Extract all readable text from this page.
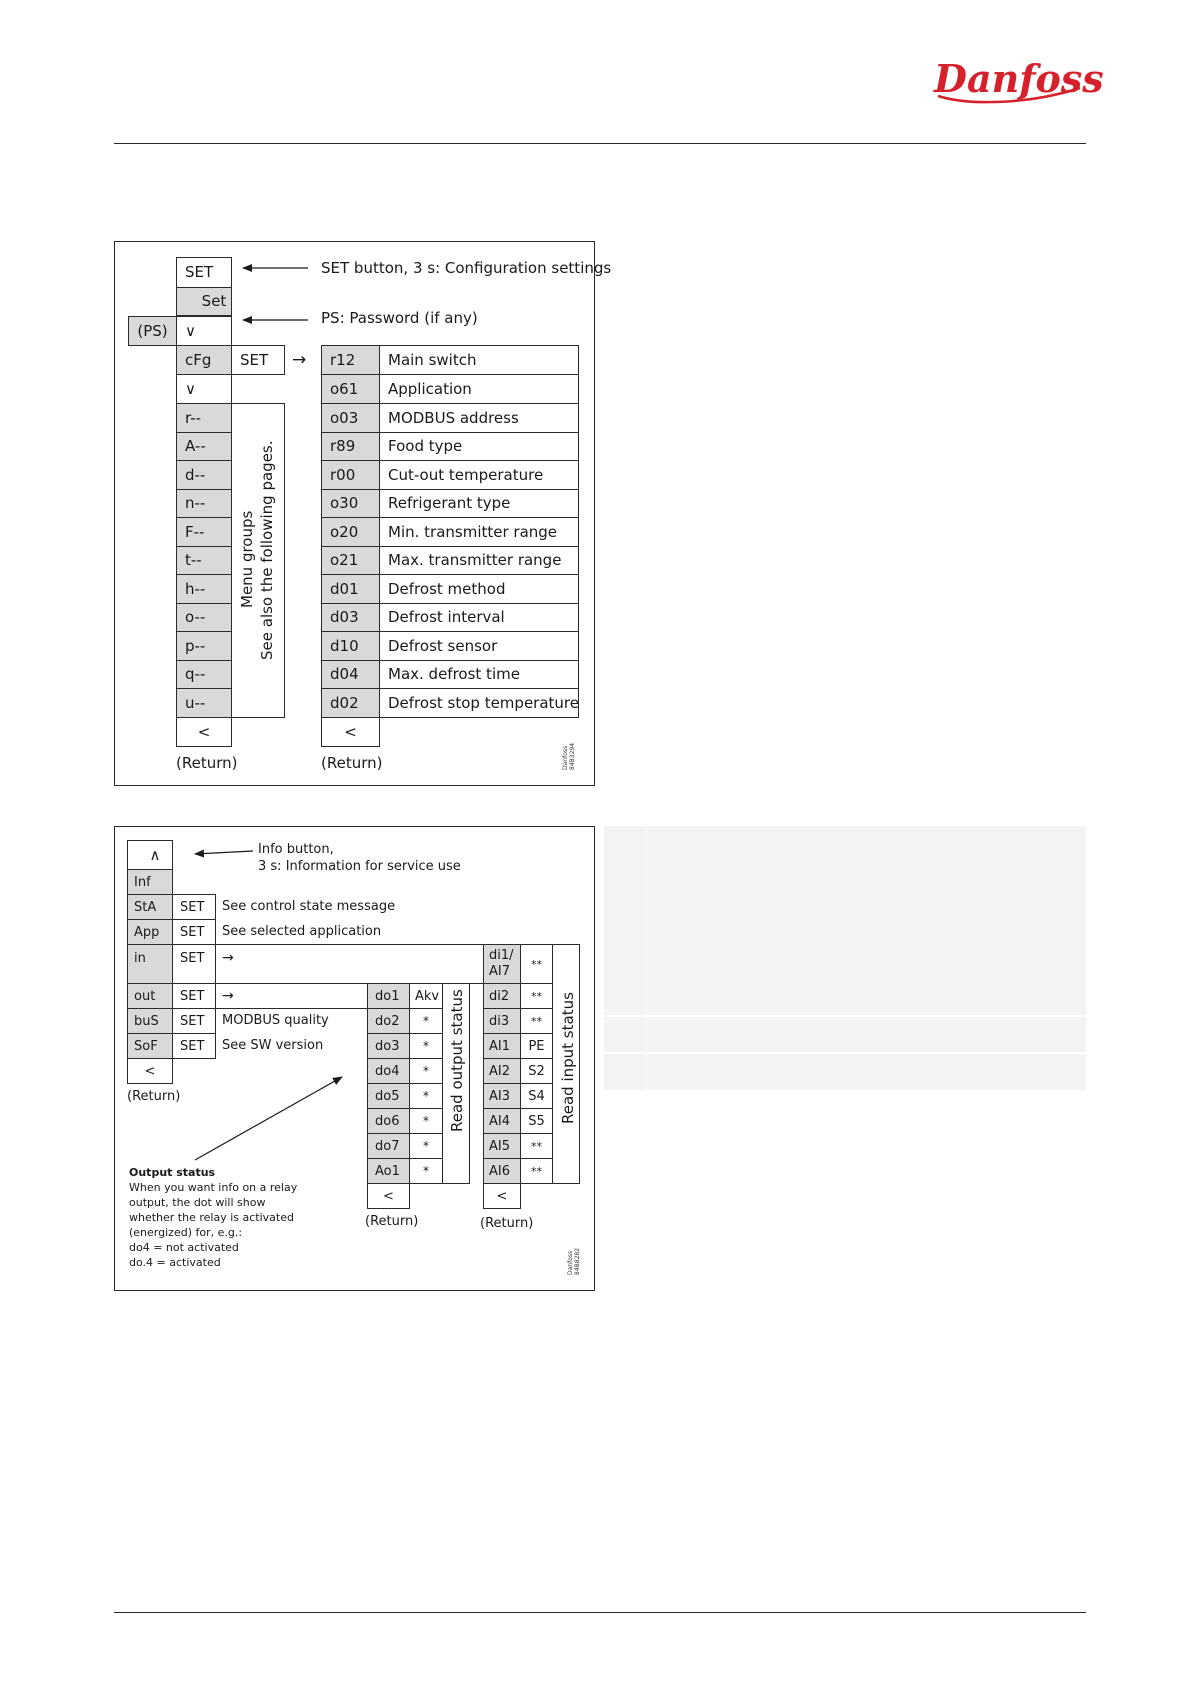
Danfoss
SET
Set
(PS)	∨
cFg	SET	→
∨
r--
A--
d--
n--
F--
t--
h--
o--
p--
q--
u--
<
(Return)
Menu groups See also the following pages.
SET button, 3 s: Configuration settings
PS: Password (if any)
r12	Main switch
o61	Application
o03	MODBUS address
r89	Food type
r00	Cut-out temperature
o30	Refrigerant type
o20	Min. transmitter range
o21	Max. transmitter range
d01	Defrost method
d03	Defrost interval
d10	Defrost sensor
d04	Max. defrost time
d02	Defrost stop temperature
<
(Return)	Danfoss
84B3294
∧
Inf
Info button,
3 s: Information for service use
StA	SET	See control state message
App	SET	See selected application
in	SET	→
out	SET	→
buS	SET	MODBUS quality
SoF	SET	See SW version
<
(Return)
do1	Akv
do2	*
do3	*
do4	*
do5	*
do6	*
do7	*
Ao1	*
Read output status
<
(Return)
di1/
AI7	**
di2	**
di3	**
AI1	PE
AI2	S2
AI3	S4
AI4	S5
AI5	**
AI6	**
Read input status
<
(Return)
Output status
When you want info on a relay
output, the dot will show
whether the relay is activated
(energized) for, e.g.:
do4 = not activated
do.4 = activated	Danfoss
84B8282
